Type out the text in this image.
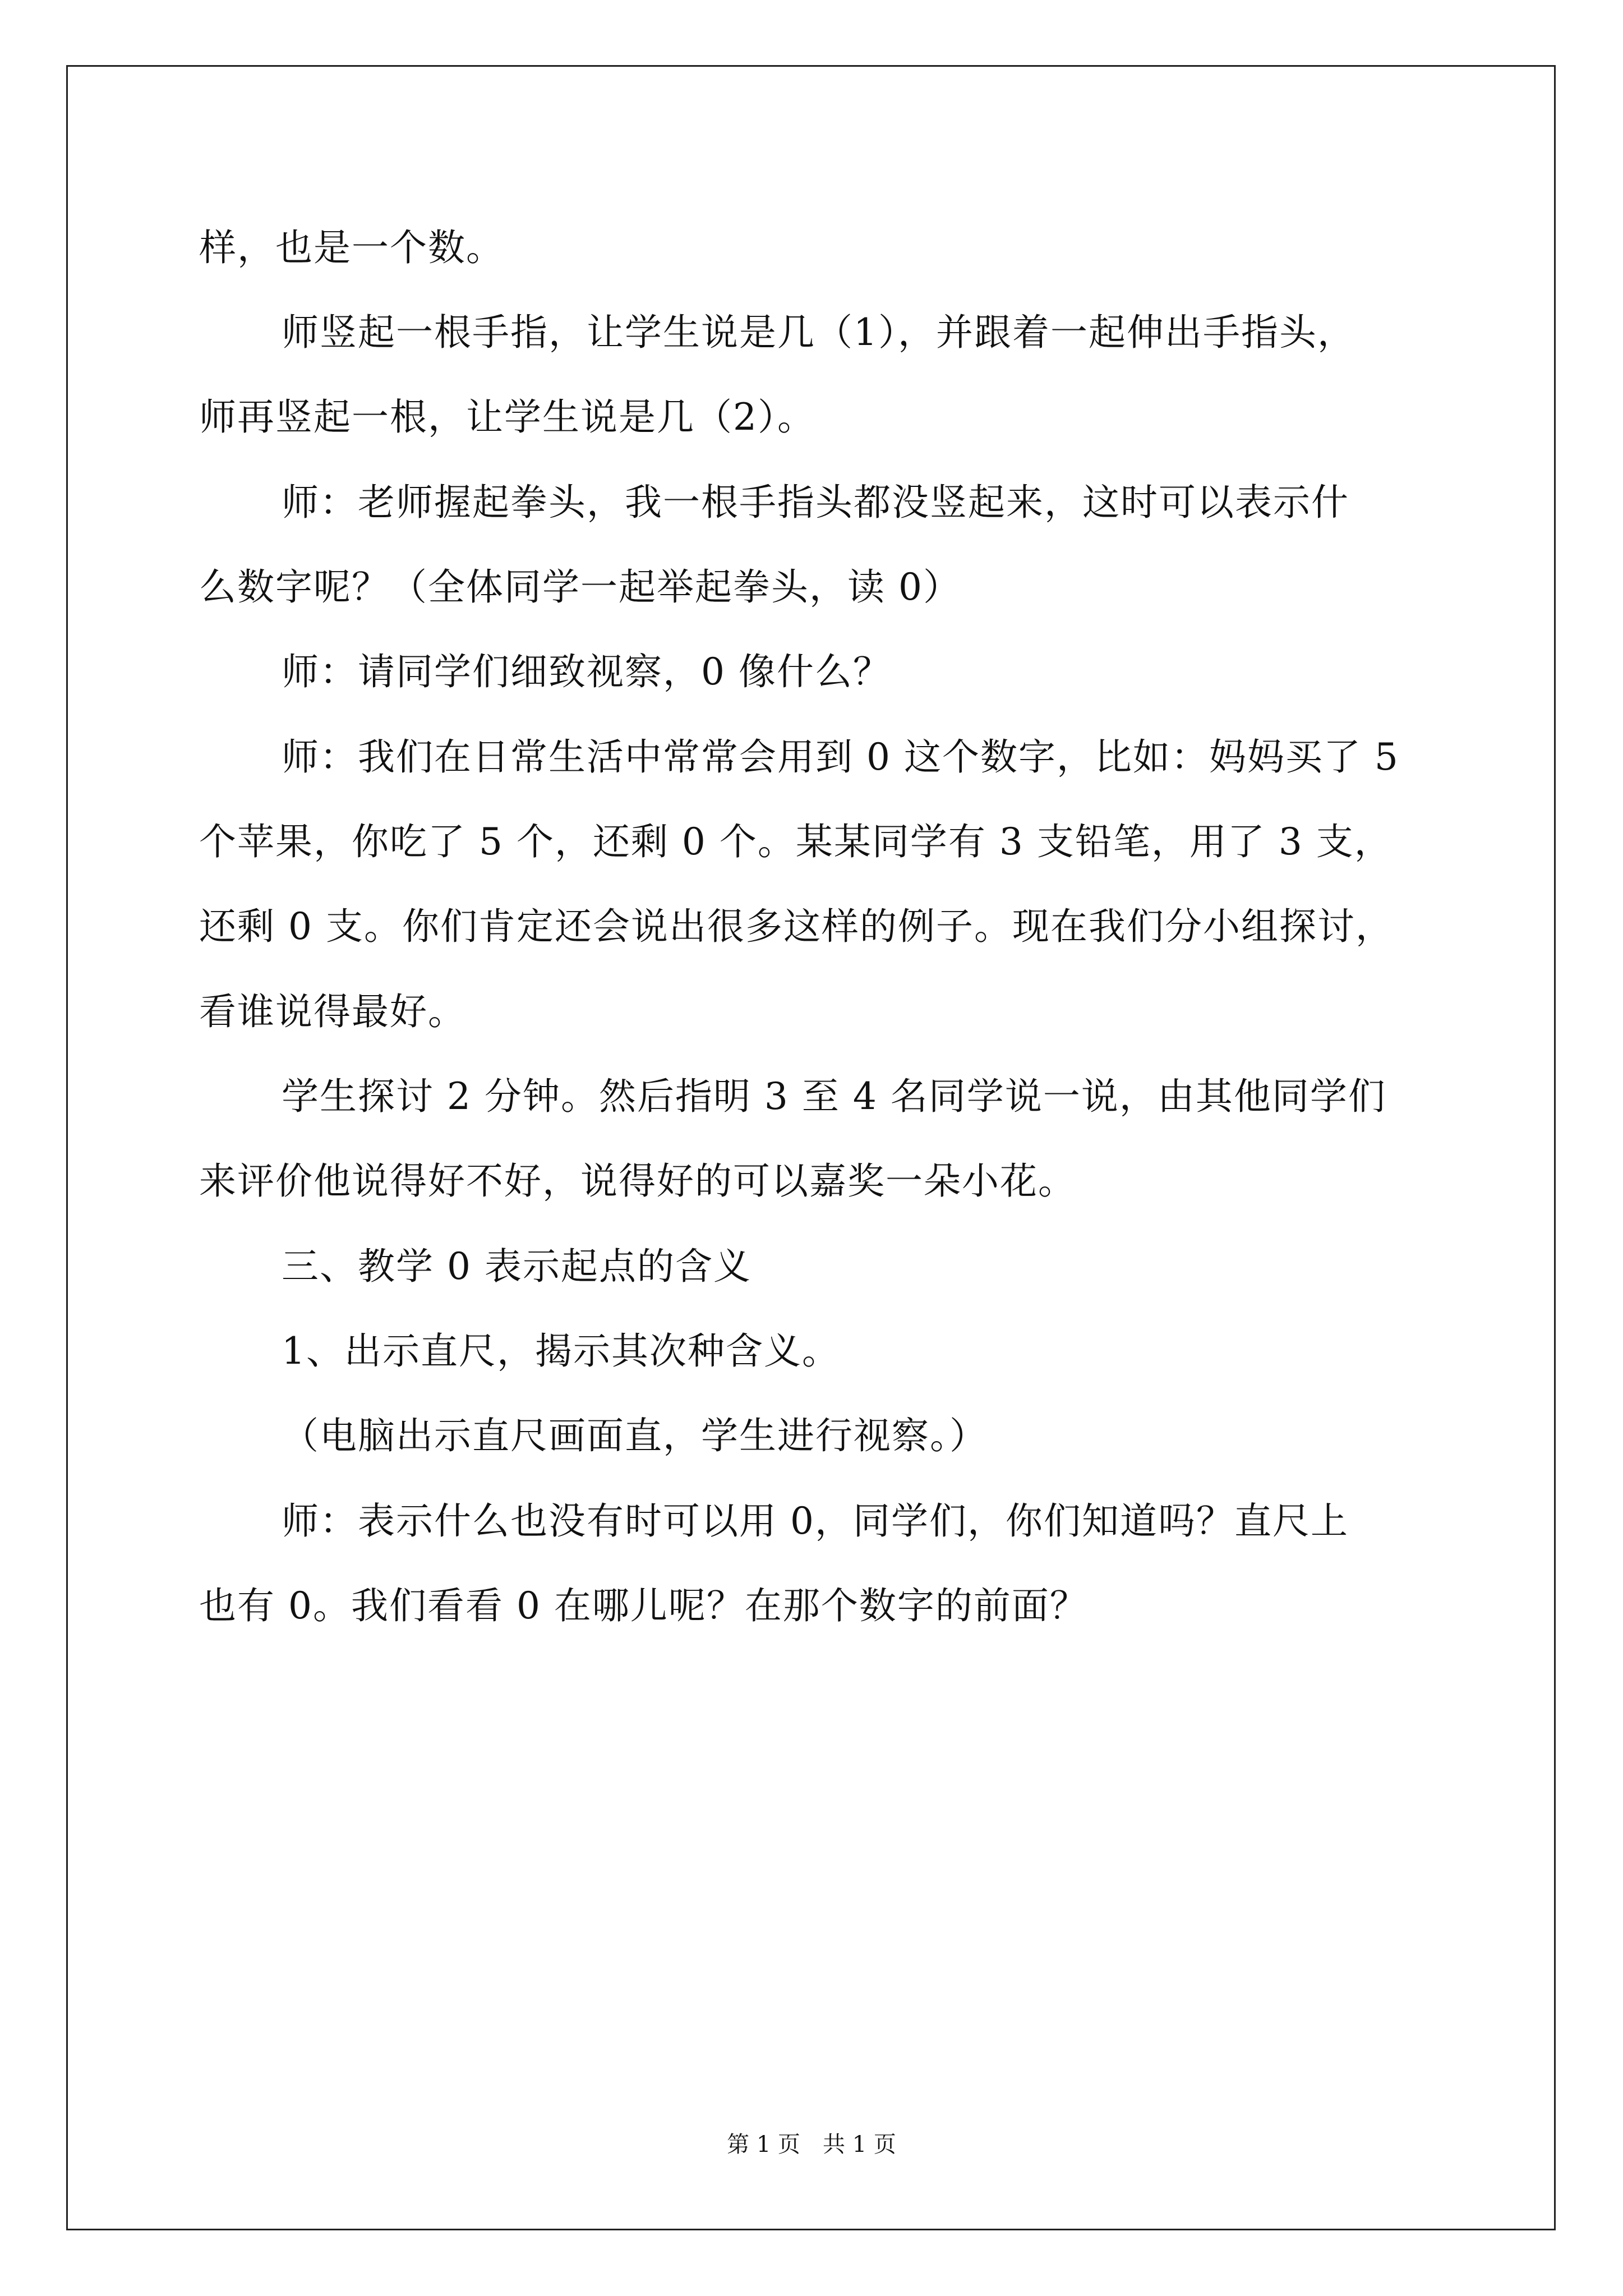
样，也是一个数。
师竖起一根手指，让学生说是几（1），并跟着一起伸出手指头，
师再竖起一根，让学生说是几（2）。
师：老师握起拳头，我一根手指头都没竖起来，这时可以表示什
么数字呢？（全体同学一起举起拳头，读 0）
师：请同学们细致视察，0 像什么？
师：我们在日常生活中常常会用到 0 这个数字，比如：妈妈买了 5
个苹果，你吃了 5 个，还剩 0 个。某某同学有 3 支铅笔，用了 3 支，
还剩 0 支。你们肯定还会说出很多这样的例子。现在我们分小组探讨，
看谁说得最好。
学生探讨 2 分钟。然后指明 3 至 4 名同学说一说，由其他同学们
来评价他说得好不好，说得好的可以嘉奖一朵小花。
三、教学 0 表示起点的含义
1、出示直尺，揭示其次种含义。
（电脑出示直尺画面直，学生进行视察。）
师：表示什么也没有时可以用 0，同学们，你们知道吗？直尺上
也有 0。我们看看 0 在哪儿呢？在那个数字的前面？
第 1 页　共 1 页
